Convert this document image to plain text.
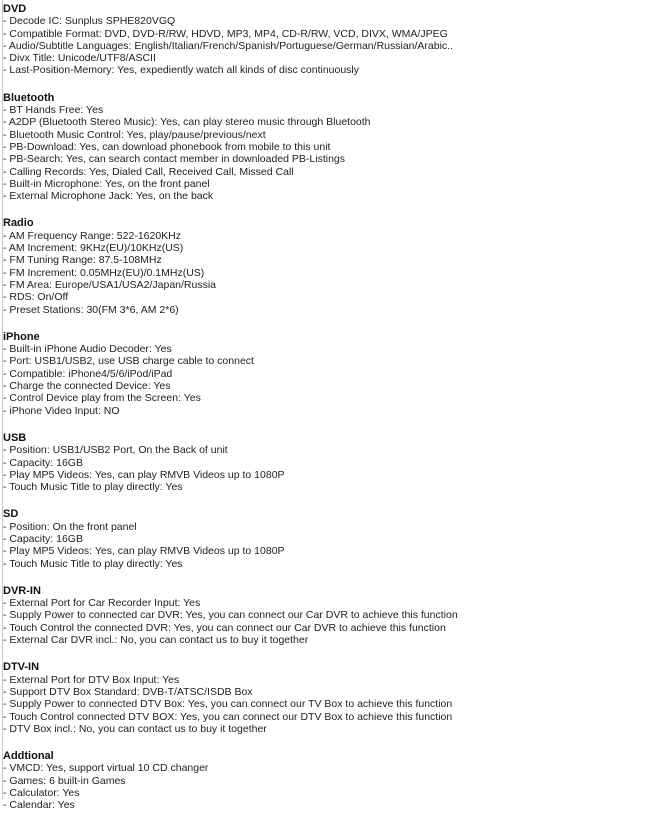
DVD
- Decode IC: Sunplus SPHE820VGQ
- Compatible Format: DVD, DVD-R/RW, HDVD, MP3, MP4, CD-R/RW, VCD, DIVX, WMA/JPEG
- Audio/Subtitle Languages: English/Italian/French/Spanish/Portuguese/German/Russian/Arabic..
- Divx Title: Unicode/UTF8/ASCII
- Last-Position-Memory: Yes, expediently watch all kinds of disc continuously
Bluetooth
- BT Hands Free: Yes
- A2DP (Bluetooth Stereo Music): Yes, can play stereo music through Bluetooth
- Bluetooth Music Control: Yes, play/pause/previous/next
- PB-Download: Yes, can download phonebook from mobile to this unit
- PB-Search: Yes, can search contact member in downloaded PB-Listings
- Calling Records: Yes, Dialed Call, Received Call, Missed Call
- Built-in Microphone: Yes, on the front panel
- External Microphone Jack: Yes, on the back
Radio
- AM Frequency Range: 522-1620KHz
- AM Increment: 9KHz(EU)/10KHz(US)
- FM Tuning Range: 87.5-108MHz
- FM Increment: 0.05MHz(EU)/0.1MHz(US)
- FM Area: Europe/USA1/USA2/Japan/Russia
- RDS: On/Off
- Preset Stations: 30(FM 3*6, AM 2*6)
iPhone
- Built-in iPhone Audio Decoder: Yes
- Port: USB1/USB2, use USB charge cable to connect
- Compatible: iPhone4/5/6/iPod/iPad
- Charge the connected Device: Yes
- Control Device play from the Screen: Yes
- iPhone Video Input: NO
USB
- Position: USB1/USB2 Port, On the Back of unit
- Capacity: 16GB
- Play MP5 Videos: Yes, can play RMVB Videos up to 1080P
- Touch Music Title to play directly: Yes
SD
- Position: On the front panel
- Capacity: 16GB
- Play MP5 Videos: Yes, can play RMVB Videos up to 1080P
- Touch Music Title to play directly: Yes
DVR-IN
- External Port for Car Recorder Input: Yes
- Supply Power to connected car DVR: Yes, you can connect our Car DVR to achieve this function
- Touch Control the connected DVR: Yes, you can connect our Car DVR to achieve this function
- External Car DVR incl.: No, you can contact us to buy it together
DTV-IN
- External Port for DTV Box Input: Yes
- Support DTV Box Standard: DVB-T/ATSC/ISDB Box
- Supply Power to connected DTV Box: Yes, you can connect our TV Box to achieve this function
- Touch Control connected DTV BOX: Yes, you can connect our DTV Box to achieve this function
- DTV Box incl.: No, you can contact us to buy it together
Addtional
- VMCD: Yes, support virtual 10 CD changer
- Games: 6 built-in Games
- Calculator: Yes
- Calendar: Yes
